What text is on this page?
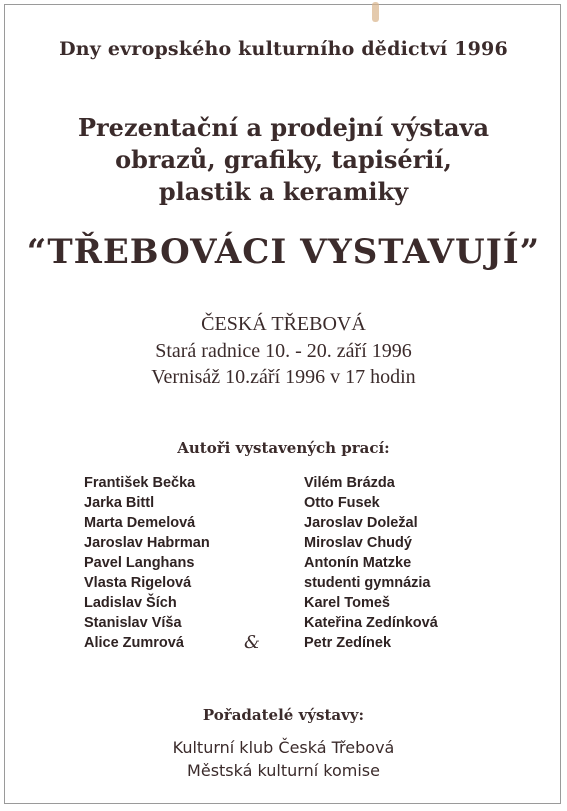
Dny evropského kulturního dědictví 1996
Prezentační a prodejní výstava
obrazů, grafiky, tapisérií,
plastik a keramiky
“TŘEBOVÁCI VYSTAVUJÍ”
ČESKÁ TŘEBOVÁ
Stará radnice 10. - 20. září 1996
Vernisáž 10.září 1996 v 17 hodin
Autoři vystavených prací:
František Bečka
Jarka Bittl
Marta Demelová
Jaroslav Habrman
Pavel Langhans
Vlasta Rigelová
Ladislav Ších
Stanislav Víša
Alice Zumrová	&
Vilém Brázda
Otto Fusek
Jaroslav Doležal
Miroslav Chudý
Antonín Matzke
studenti gymnázia
Karel Tomeš
Kateřina Zedínková
Petr Zedínek
Pořadatelé výstavy:
Kulturní klub Česká Třebová
Městská kulturní komise
